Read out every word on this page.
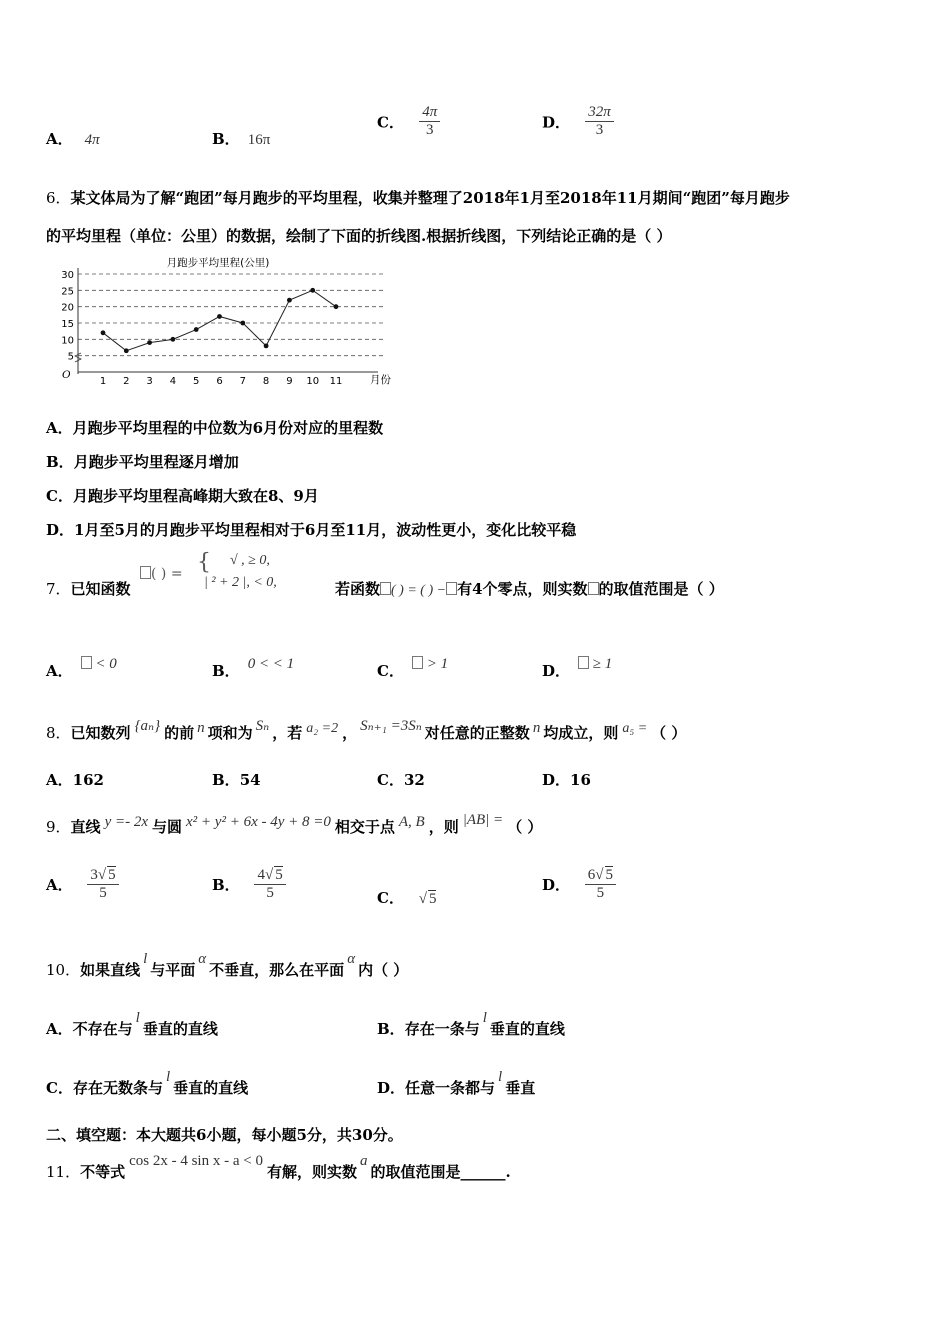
A． 4π	B． 16π
C． $\frac{4\pi}{3}$	D． $\frac{32\pi}{3}$
6．某文体局为了解“跑团”每月跑步的平均里程，收集并整理了2018年1月至2018年11月期间“跑团”每月跑步
的平均里程（单位：公里）的数据，绘制了下面的折线图.根据折线图，下列结论正确的是（ ）
月跑步平均里程(公里)
5
10
15
20
25
30
1 2 3 4 5 6 7 8 9 10 11	月份
O
A．月跑步平均里程的中位数为6月份对应的里程数
B．月跑步平均里程逐月增加
C．月跑步平均里程高峰期大致在8、9月
D．1月至5月的月跑步平均里程相对于6月至11月，波动性更小，变化比较平稳
7．已知函数
( ) = {	√ , ≥ 0,
| ² + 2 |, < 0,	若函数 ( ) = ( ) − 有4个零点，则实数 的取值范围是（ ）
A． < 0	B． 0 < < 1	C． > 1	D． ≥ 1
8．已知数列 {aₙ} 的前 n 项和为 Sₙ ，若 a₂ =2 ， Sₙ₊₁ =3Sₙ 对任意的正整数 n 均成立，则 a₅ = （ ）
A．162	B．54	C．32	D．16
9．直线 y =- 2x 与圆 x² + y² + 6x - 4y + 8 =0 相交于点 A, B ，则 |AB| = （ ）
A． $\frac{3√ 5}{5}$	B． $\frac{4√ 5}{5}$	C． √ 5
D． $\frac{6√ 5}{5}$
10．如果直线l与平面α不垂直，那么在平面α内（ ）
A．不存在与l垂直的直线	B．存在一条与l垂直的直线
C．存在无数条与l垂直的直线	D．任意一条都与l垂直
二、填空题：本大题共6小题，每小题5分，共30分。
11．不等式cos 2x - 4 sin x - a < 0有解，则实数a的取值范围是______.
